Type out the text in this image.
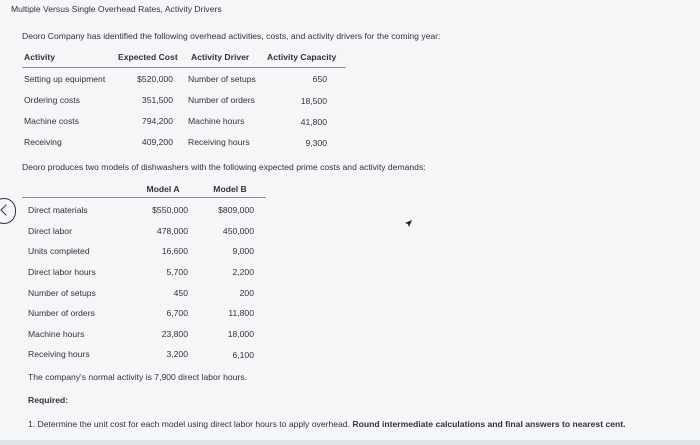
Multiple Versus Single Overhead Rates, Activity Drivers
Deoro Company has identified the following overhead activities, costs, and activity drivers for the coming year:
Activity	Expected Cost Activity Driver Activity Capacity
Setting up equipment	$520,000 Number of setups	650
Ordering costs	351,500 Number of orders	18,500
Machine costs	794,200 Machine hours	41,800
Receiving	409,200 Receiving hours	9,300
Deoro produces two models of dishwashers with the following expected prime costs and activity demands:
Model A	Model B
Direct materials	$550,000	$809,000
Direct labor	478,000	450,000
Units completed	16,600	9,000
Direct labor hours	5,700	2,200
Number of setups	450	200
Number of orders	6,700	11,800
Machine hours	23,800	18,000
Receiving hours	3,200	6,100
The company's normal activity is 7,900 direct labor hours.
Required:
1. Determine the unit cost for each model using direct labor hours to apply overhead. Round intermediate calculations and final answers to nearest cent.
